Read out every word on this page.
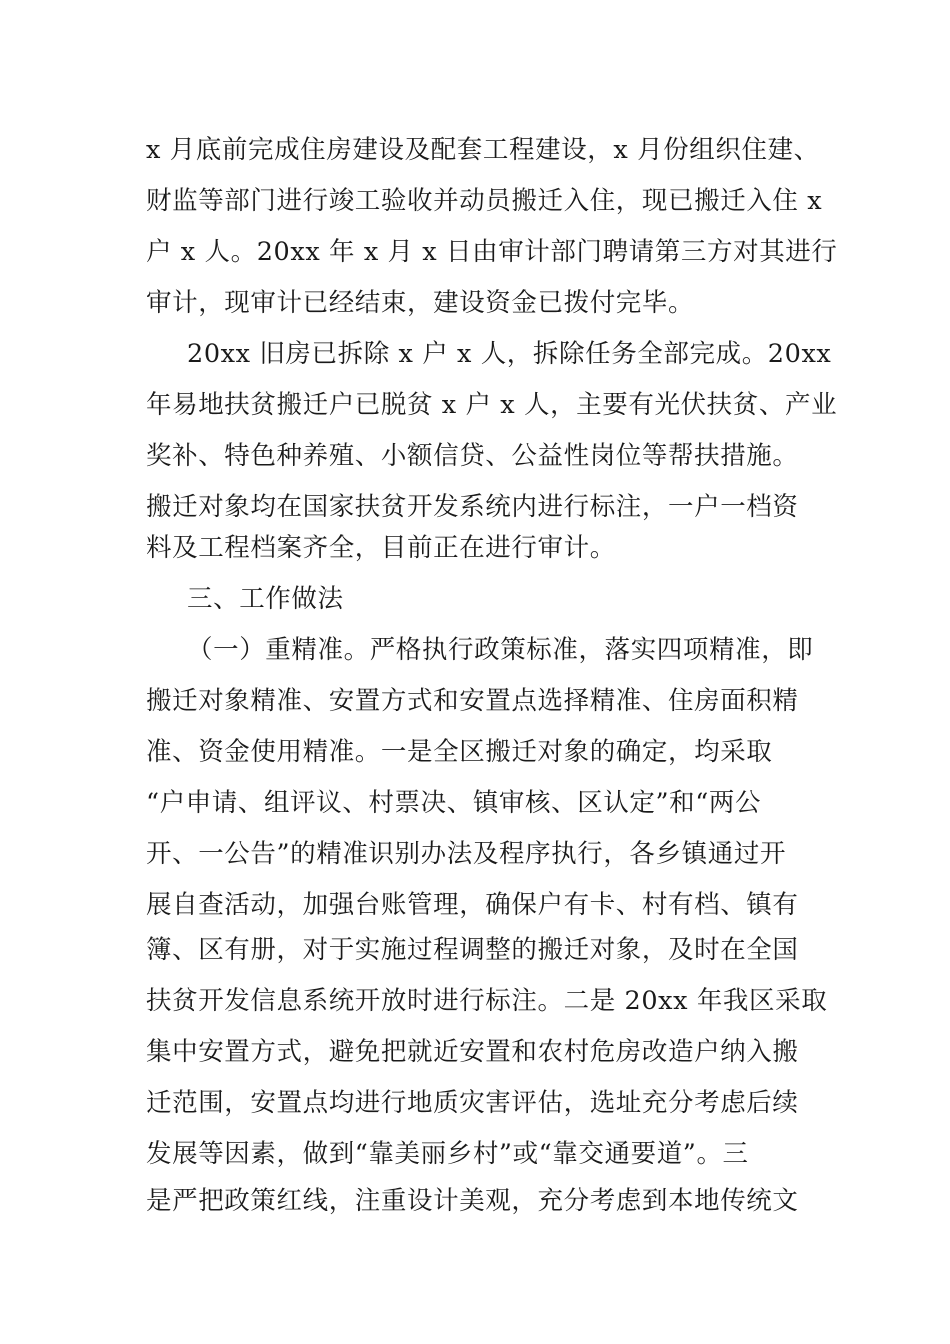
x 月底前完成住房建设及配套工程建设，x 月份组织住建、
财监等部门进行竣工验收并动员搬迁入住，现已搬迁入住 x
户 x 人。20xx 年 x 月 x 日由审计部门聘请第三方对其进行
审计，现审计已经结束，建设资金已拨付完毕。
20xx 旧房已拆除 x 户 x 人，拆除任务全部完成。20xx
年易地扶贫搬迁户已脱贫 x 户 x 人，主要有光伏扶贫、产业
奖补、特色种养殖、小额信贷、公益性岗位等帮扶措施。
搬迁对象均在国家扶贫开发系统内进行标注，一户一档资
料及工程档案齐全，目前正在进行审计。
三、工作做法
（一）重精准。严格执行政策标准，落实四项精准，即
搬迁对象精准、安置方式和安置点选择精准、住房面积精
准、资金使用精准。一是全区搬迁对象的确定，均采取
“户申请、组评议、村票决、镇审核、区认定”和“两公
开、一公告”的精准识别办法及程序执行，各乡镇通过开
展自查活动，加强台账管理，确保户有卡、村有档、镇有
簿、区有册，对于实施过程调整的搬迁对象，及时在全国
扶贫开发信息系统开放时进行标注。二是 20xx 年我区采取
集中安置方式，避免把就近安置和农村危房改造户纳入搬
迁范围，安置点均进行地质灾害评估，选址充分考虑后续
发展等因素，做到“靠美丽乡村”或“靠交通要道”。三
是严把政策红线，注重设计美观，充分考虑到本地传统文
